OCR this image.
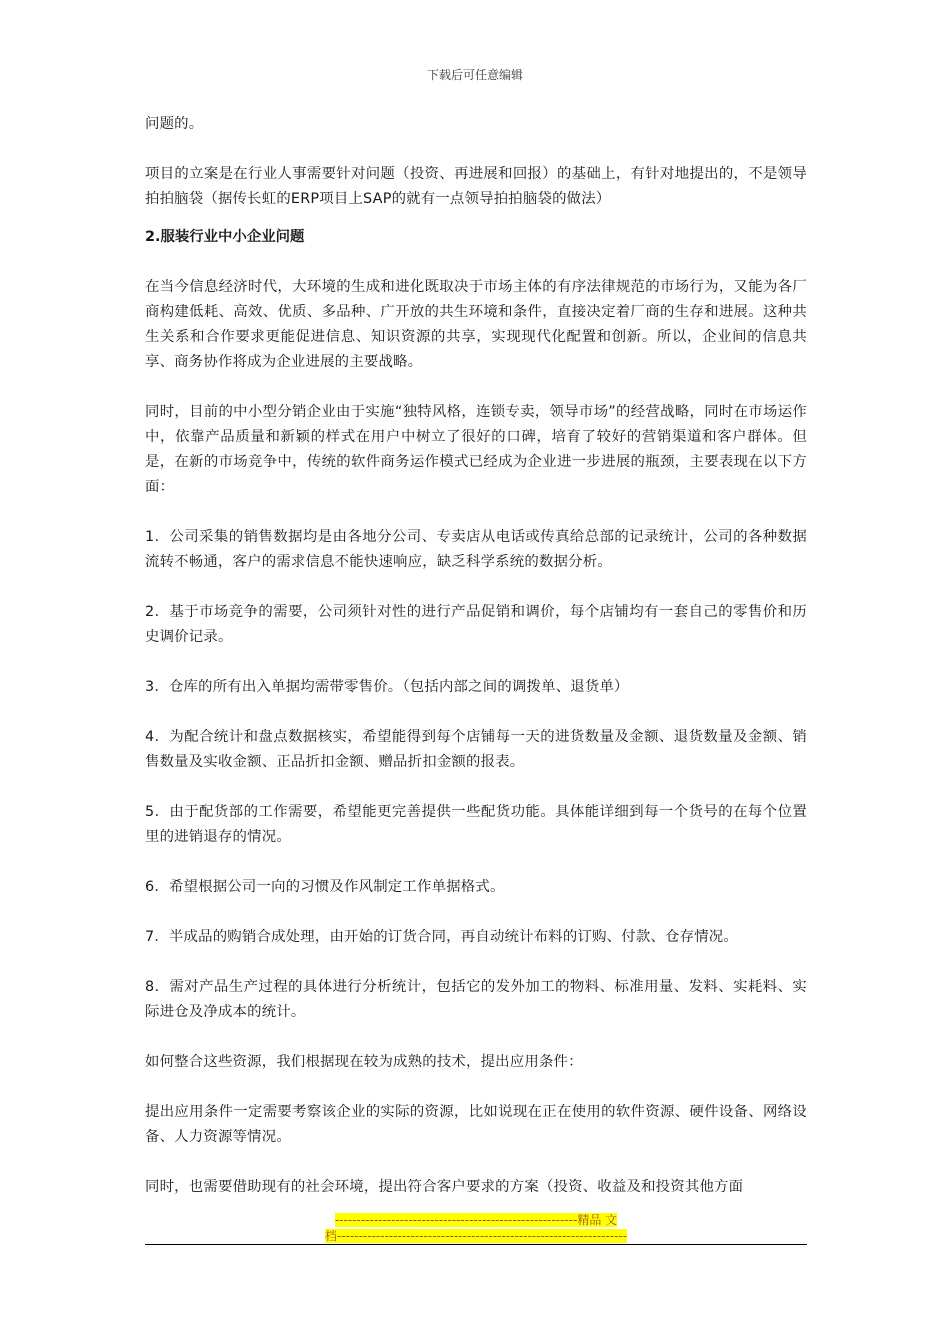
下载后可任意编辑

问题的。

项目的立案是在行业人事需要针对问题（投资、再进展和回报）的基础上，有针对地提出的，不是领导拍拍脑袋（据传长虹的ERP项目上SAP的就有一点领导拍拍脑袋的做法）

2.服装行业中小企业问题

在当今信息经济时代，大环境的生成和进化既取决于市场主体的有序法律规范的市场行为，又能为各厂商构建低耗、高效、优质、多品种、广开放的共生环境和条件，直接决定着厂商的生存和进展。这种共生关系和合作要求更能促进信息、知识资源的共享，实现现代化配置和创新。所以，企业间的信息共享、商务协作将成为企业进展的主要战略。

同时，目前的中小型分销企业由于实施“独特风格，连锁专卖，领导市场”的经营战略，同时在市场运作中，依靠产品质量和新颖的样式在用户中树立了很好的口碑，培育了较好的营销渠道和客户群体。但是，在新的市场竞争中，传统的软件商务运作模式已经成为企业进一步进展的瓶颈，主要表现在以下方面：

1．公司采集的销售数据均是由各地分公司、专卖店从电话或传真给总部的记录统计，公司的各种数据流转不畅通，客户的需求信息不能快速响应，缺乏科学系统的数据分析。

2．基于市场竞争的需要，公司须针对性的进行产品促销和调价，每个店铺均有一套自己的零售价和历史调价记录。

3．仓库的所有出入单据均需带零售价。（包括内部之间的调拨单、退货单）

4．为配合统计和盘点数据核实，希望能得到每个店铺每一天的进货数量及金额、退货数量及金额、销售数量及实收金额、正品折扣金额、赠品折扣金额的报表。

5．由于配货部的工作需要，希望能更完善提供一些配货功能。具体能详细到每一个货号的在每个位置里的进销退存的情况。

6．希望根据公司一向的习惯及作风制定工作单据格式。

7．半成品的购销合成处理，由开始的订货合同，再自动统计布料的订购、付款、仓存情况。

8．需对产品生产过程的具体进行分析统计，包括它的发外加工的物料、标准用量、发料、实耗料、实际进仓及净成本的统计。

如何整合这些资源，我们根据现在较为成熟的技术，提出应用条件：

提出应用条件一定需要考察该企业的实际的资源，比如说现在正在使用的软件资源、硬件设备、网络设备、人力资源等情况。

同时，也需要借助现有的社会环境，提出符合客户要求的方案（投资、收益及和投资其他方面

--------------------------------------------------------精品 文
档-------------------------------------------------------------------
